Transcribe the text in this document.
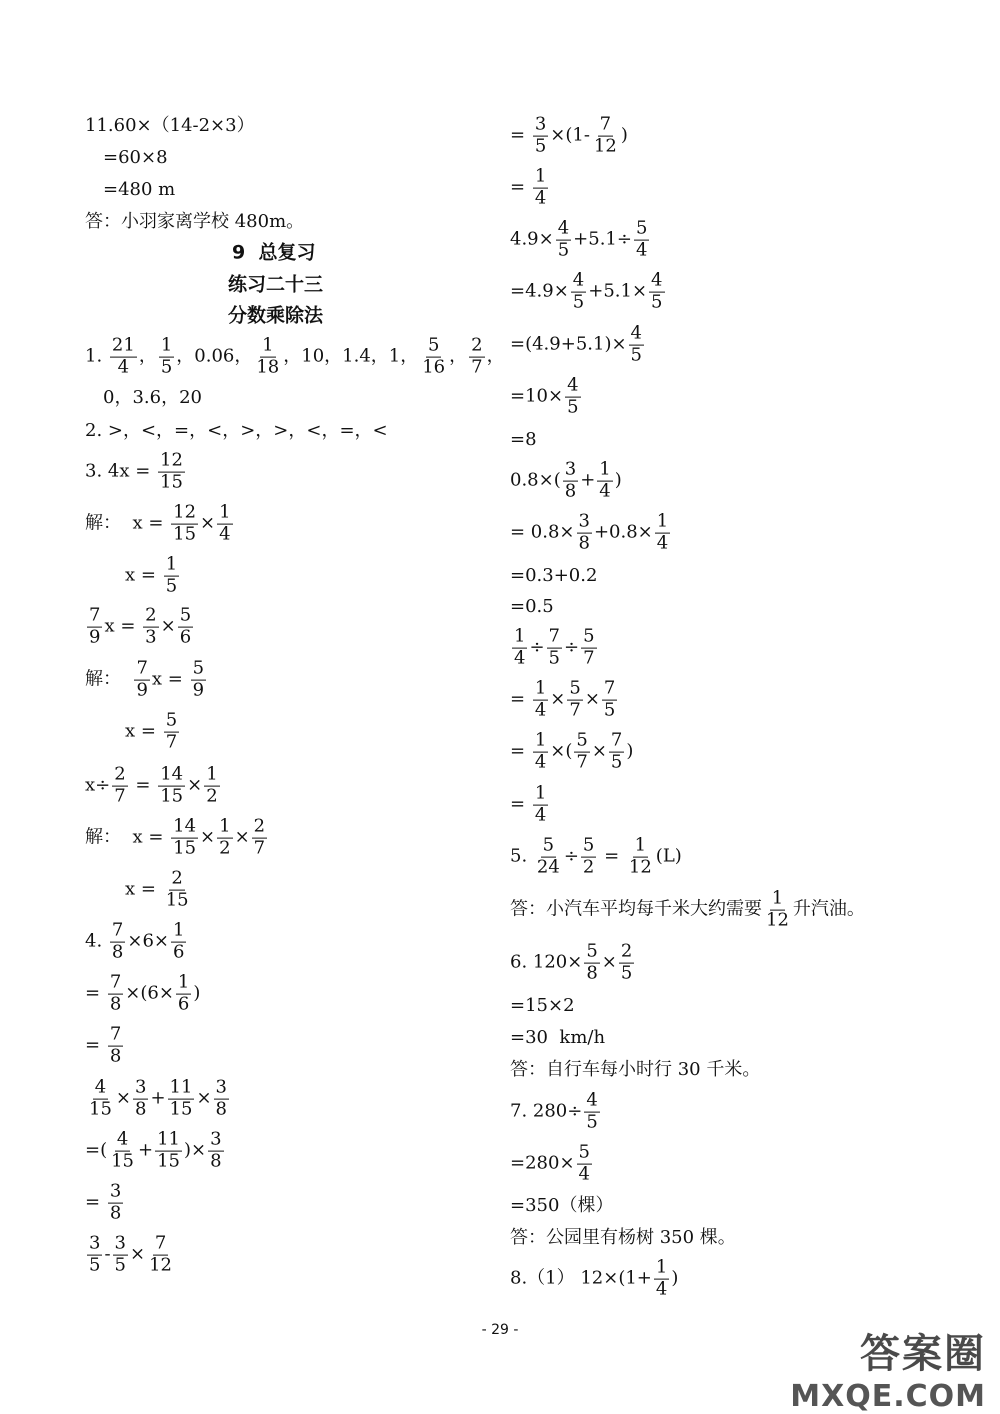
11.60×（14-2×3）
=60×8
=480 m
答：小羽家离学校 480m。
9  总复习
练习二十三
分数乘除法
1. $\frac{21}{4}$ ， $\frac{1}{5}$ ，0.06， $\frac{1}{18}$ ，10，1.4，1， $\frac{5}{16}$ ， $\frac{2}{7}$ ，
0，3.6，20
2. >，<，=，<，>，>，<，=，<
3. $4x = \frac{12}{15}$
解：  $x = \frac{12}{15} \times \frac{1}{4}$
$x = \frac{1}{5}$
$\frac{7}{9}$ $x = \frac{2}{3} \times \frac{5}{6}$
解： $\frac{7}{9}$ $x = \frac{5}{9}$
$x = \frac{5}{7}$
$x\div \frac{2}{7} = \frac{14}{15} \times \frac{1}{2}$
解：  $x = \frac{14}{15} \times \frac{1}{2} \times \frac{2}{7}$
$x = \frac{2}{15}$
4. $\frac{7}{8} \times 6\times \frac{1}{6}$
= $\frac{7}{8} \times(6\times \frac{1}{6}$ )
= $\frac{7}{8}$
$\frac{4}{15} \times \frac{3}{8} + \frac{11}{15} \times \frac{3}{8}$
=( $\frac{4}{15} + \frac{11}{15}$ )× $\frac{3}{8}$
= $\frac{3}{8}$
$\frac{3}{5} - \frac{3}{5} \times \frac{7}{12}$
= $\frac{3}{5} \times(1- \frac{7}{12}$ )
= $\frac{1}{4}$
$4.9\times \frac{4}{5} +5.1\div \frac{5}{4}$
$=4.9\times \frac{4}{5} +5.1\times \frac{4}{5}$
$=(4.9+5.1)\times \frac{4}{5}$
$=10\times \frac{4}{5}$
=8
$0.8\times( \frac{3}{8} + \frac{1}{4}$ )
= $0.8\times \frac{3}{8} +0.8\times \frac{1}{4}$
=0.3+0.2
=0.5
$\frac{1}{4} \div \frac{7}{5} \div \frac{5}{7}$
= $\frac{1}{4} \times \frac{5}{7} \times \frac{7}{5}$
= $\frac{1}{4}$ ×( $\frac{5}{7} \times \frac{7}{5}$ )
= $\frac{1}{4}$
5. $\frac{5}{24} \div \frac{5}{2} = \frac{1}{12} (L)$
答：小汽车平均每千米大约需要 $\frac{1}{12}$ 升汽油。
6. $120\times \frac{5}{8} \times \frac{2}{5}$
=15×2
=30  km/h
答：自行车每小时行 30 千米。
7. $280\div \frac{4}{5}$
$=280\times \frac{5}{4}$
=350（棵）
答：公园里有杨树 350 棵。
8.（1） $12\times(1+ \frac{1}{4}$ )
- 29 -
答案圈
MXQE.COM
